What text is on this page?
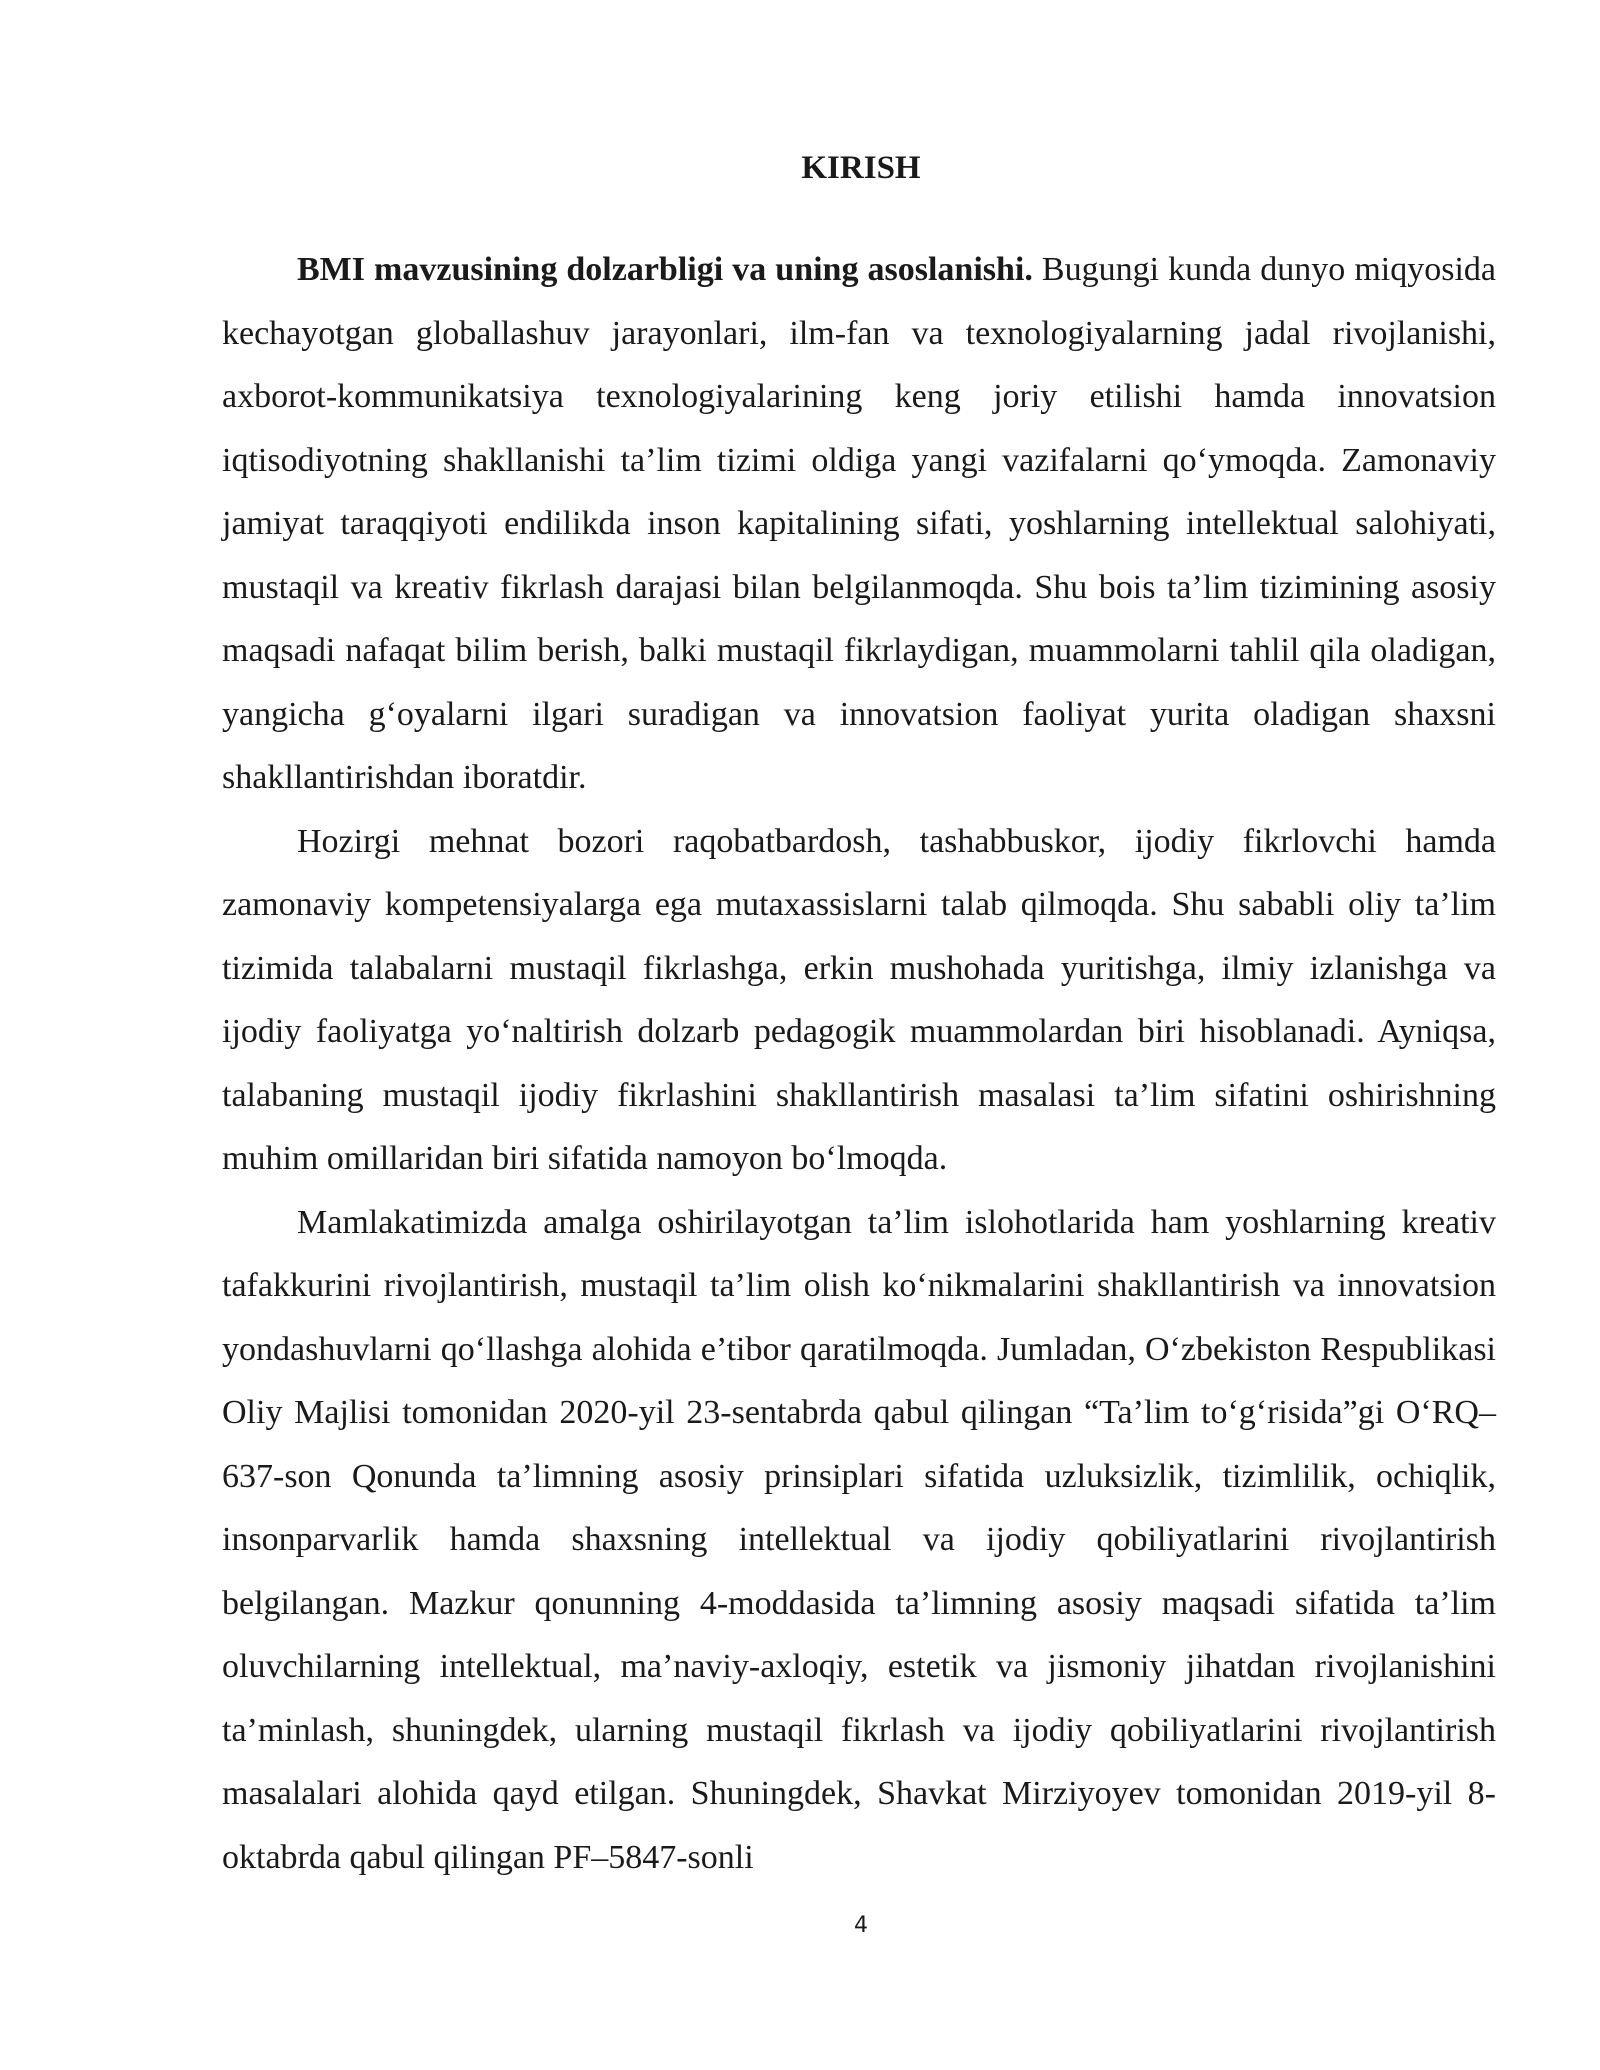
KIRISH

BMI mavzusining dolzarbligi va uning asoslanishi. Bugungi kunda dunyo miqyosida kechayotgan globallashuv jarayonlari, ilm-fan va texnologiyalarning jadal rivojlanishi, axborot-kommunikatsiya texnologiyalarining keng joriy etilishi hamda innovatsion iqtisodiyotning shakllanishi ta’lim tizimi oldiga yangi vazifalarni qo‘ymoqda. Zamonaviy jamiyat taraqqiyoti endilikda inson kapitalining sifati, yoshlarning intellektual salohiyati, mustaqil va kreativ fikrlash darajasi bilan belgilanmoqda. Shu bois ta’lim tizimining asosiy maqsadi nafaqat bilim berish, balki mustaqil fikrlaydigan, muammolarni tahlil qila oladigan, yangicha g‘oyalarni ilgari suradigan va innovatsion faoliyat yurita oladigan shaxsni shakllantirishdan iboratdir.

Hozirgi mehnat bozori raqobatbardosh, tashabbuskor, ijodiy fikrlovchi hamda zamonaviy kompetensiyalarga ega mutaxassislarni talab qilmoqda. Shu sababli oliy ta’lim tizimida talabalarni mustaqil fikrlashga, erkin mushohada yuritishga, ilmiy izlanishga va ijodiy faoliyatga yo‘naltirish dolzarb pedagogik muammolardan biri hisoblanadi. Ayniqsa, talabaning mustaqil ijodiy fikrlashini shakllantirish masalasi ta’lim sifatini oshirishning muhim omillaridan biri sifatida namoyon bo‘lmoqda.

Mamlakatimizda amalga oshirilayotgan ta’lim islohotlarida ham yoshlarning kreativ tafakkurini rivojlantirish, mustaqil ta’lim olish ko‘nikmalarini shakllantirish va innovatsion yondashuvlarni qo‘llashga alohida e’tibor qaratilmoqda. Jumladan, O‘zbekiston Respublikasi Oliy Majlisi tomonidan 2020-yil 23-sentabrda qabul qilingan “Ta’lim to‘g‘risida”gi O‘RQ–637-son Qonunda ta’limning asosiy prinsiplari sifatida uzluksizlik, tizimlilik, ochiqlik, insonparvarlik hamda shaxsning intellektual va ijodiy qobiliyatlarini rivojlantirish belgilangan. Mazkur qonunning 4-moddasida ta’limning asosiy maqsadi sifatida ta’lim oluvchilarning intellektual, ma’naviy-axloqiy, estetik va jismoniy jihatdan rivojlanishini ta’minlash, shuningdek, ularning mustaqil fikrlash va ijodiy qobiliyatlarini rivojlantirish masalalari alohida qayd etilgan. Shuningdek, Shavkat Mirziyoyev tomonidan 2019-yil 8-oktabrda qabul qilingan PF–5847-sonli

4
